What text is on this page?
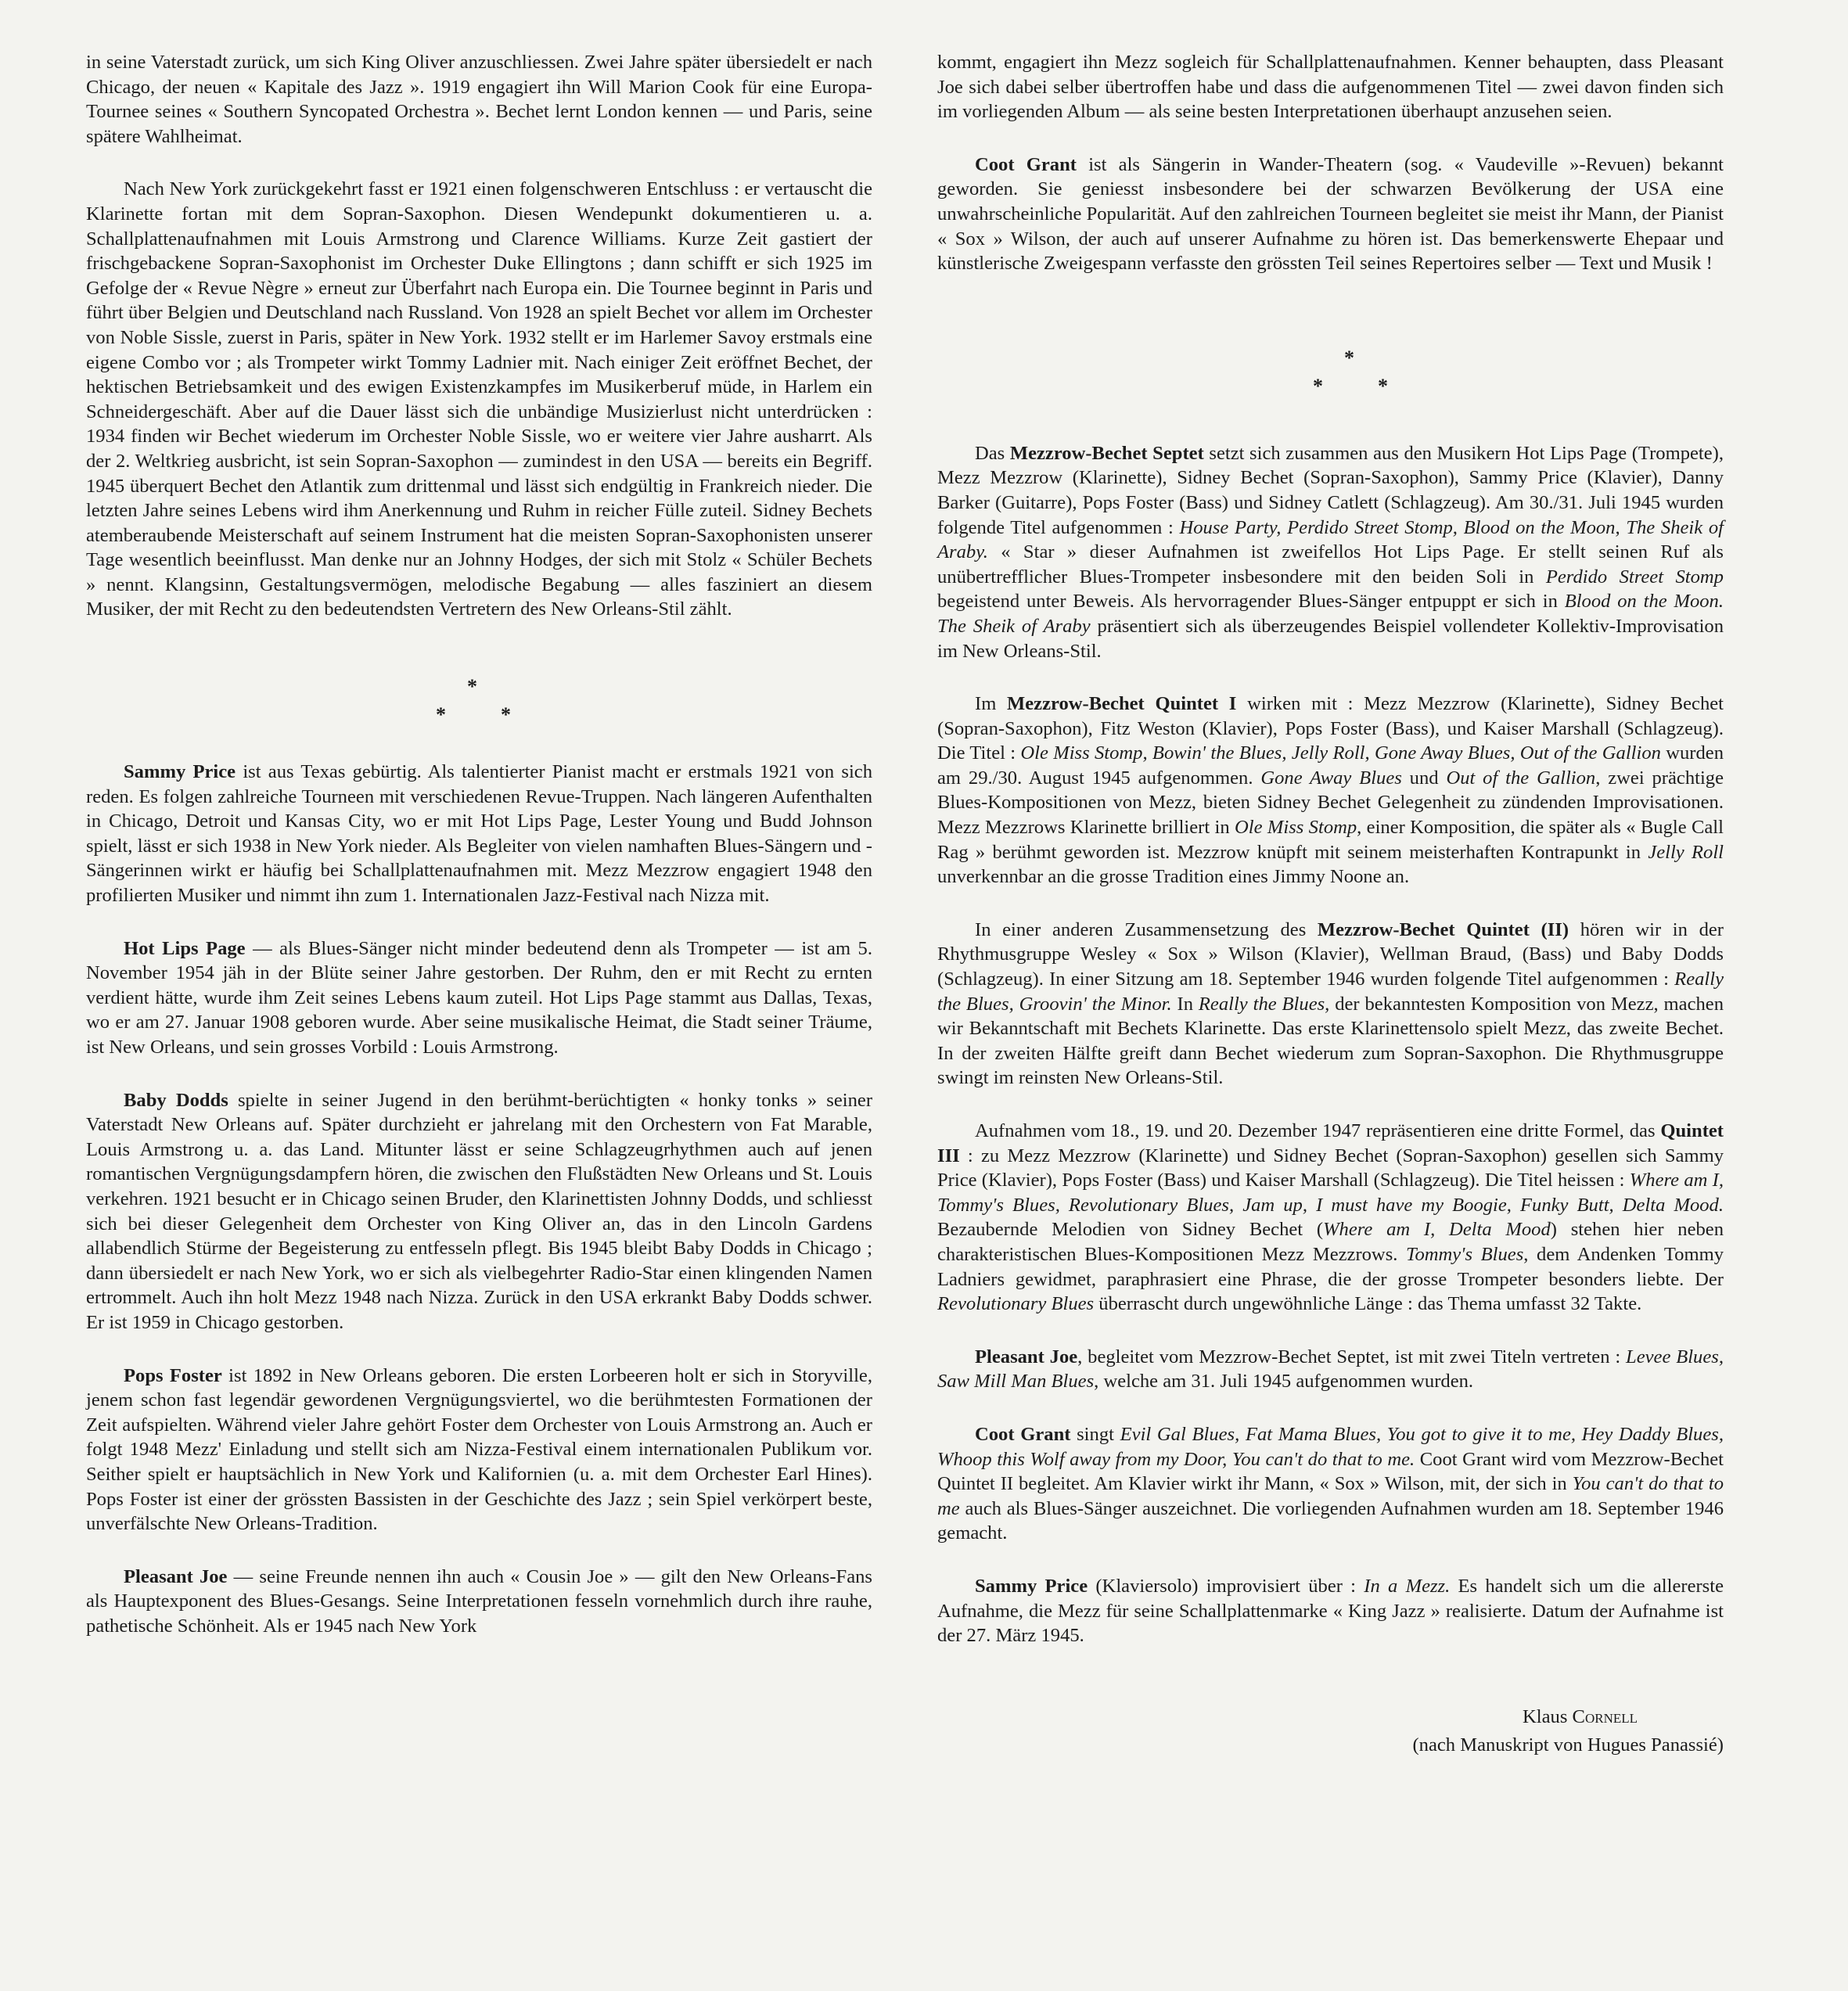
in seine Vaterstadt zurück, um sich King Oliver anzuschliessen. Zwei Jahre später übersiedelt er nach Chicago, der neuen « Kapitale des Jazz ». 1919 engagiert ihn Will Marion Cook für eine Europa-Tournee seines « Southern Syncopated Orchestra ». Bechet lernt London kennen — und Paris, seine spätere Wahlheimat.

Nach New York zurückgekehrt fasst er 1921 einen folgenschweren Entschluss : er vertauscht die Klarinette fortan mit dem Sopran-Saxophon. Diesen Wendepunkt dokumentieren u. a. Schallplattenaufnahmen mit Louis Armstrong und Clarence Williams. Kurze Zeit gastiert der frischgebackene Sopran-Saxophonist im Orchester Duke Ellingtons ; dann schifft er sich 1925 im Gefolge der « Revue Nègre » erneut zur Überfahrt nach Europa ein. Die Tournee beginnt in Paris und führt über Belgien und Deutschland nach Russland. Von 1928 an spielt Bechet vor allem im Orchester von Noble Sissle, zuerst in Paris, später in New York. 1932 stellt er im Harlemer Savoy erstmals eine eigene Combo vor ; als Trompeter wirkt Tommy Ladnier mit. Nach einiger Zeit eröffnet Bechet, der hektischen Betriebsamkeit und des ewigen Existenzkampfes im Musikerberuf müde, in Harlem ein Schneidergeschäft. Aber auf die Dauer lässt sich die unbändige Musizierlust nicht unterdrücken : 1934 finden wir Bechet wiederum im Orchester Noble Sissle, wo er weitere vier Jahre ausharrt. Als der 2. Weltkrieg ausbricht, ist sein Sopran-Saxophon — zumindest in den USA — bereits ein Begriff. 1945 überquert Bechet den Atlantik zum drittenmal und lässt sich endgültig in Frankreich nieder. Die letzten Jahre seines Lebens wird ihm Anerkennung und Ruhm in reicher Fülle zuteil. Sidney Bechets atemberaubende Meisterschaft auf seinem Instrument hat die meisten Sopran-Saxophonisten unserer Tage wesentlich beeinflusst. Man denke nur an Johnny Hodges, der sich mit Stolz « Schüler Bechets » nennt. Klangsinn, Gestaltungsvermögen, melodische Begabung — alles fasziniert an diesem Musiker, der mit Recht zu den bedeutendsten Vertretern des New Orleans-Stil zählt.

*
*	*

Sammy Price ist aus Texas gebürtig. Als talentierter Pianist macht er erstmals 1921 von sich reden. Es folgen zahlreiche Tourneen mit verschiedenen Revue-Truppen. Nach längeren Aufenthalten in Chicago, Detroit und Kansas City, wo er mit Hot Lips Page, Lester Young und Budd Johnson spielt, lässt er sich 1938 in New York nieder. Als Begleiter von vielen namhaften Blues-Sängern und -Sängerinnen wirkt er häufig bei Schallplattenaufnahmen mit. Mezz Mezzrow engagiert 1948 den profilierten Musiker und nimmt ihn zum 1. Internationalen Jazz-Festival nach Nizza mit.

Hot Lips Page — als Blues-Sänger nicht minder bedeutend denn als Trompeter — ist am 5. November 1954 jäh in der Blüte seiner Jahre gestorben. Der Ruhm, den er mit Recht zu ernten verdient hätte, wurde ihm Zeit seines Lebens kaum zuteil. Hot Lips Page stammt aus Dallas, Texas, wo er am 27. Januar 1908 geboren wurde. Aber seine musikalische Heimat, die Stadt seiner Träume, ist New Orleans, und sein grosses Vorbild : Louis Armstrong.

Baby Dodds spielte in seiner Jugend in den berühmt-berüchtigten « honky tonks » seiner Vaterstadt New Orleans auf. Später durchzieht er jahrelang mit den Orchestern von Fat Marable, Louis Armstrong u. a. das Land. Mitunter lässt er seine Schlagzeugrhythmen auch auf jenen romantischen Vergnügungsdampfern hören, die zwischen den Flußstädten New Orleans und St. Louis verkehren. 1921 besucht er in Chicago seinen Bruder, den Klarinettisten Johnny Dodds, und schliesst sich bei dieser Gelegenheit dem Orchester von King Oliver an, das in den Lincoln Gardens allabendlich Stürme der Begeisterung zu entfesseln pflegt. Bis 1945 bleibt Baby Dodds in Chicago ; dann übersiedelt er nach New York, wo er sich als vielbegehrter Radio-Star einen klingenden Namen ertrommelt. Auch ihn holt Mezz 1948 nach Nizza. Zurück in den USA erkrankt Baby Dodds schwer. Er ist 1959 in Chicago gestorben.

Pops Foster ist 1892 in New Orleans geboren. Die ersten Lorbeeren holt er sich in Storyville, jenem schon fast legendär gewordenen Vergnügungsviertel, wo die berühmtesten Formationen der Zeit aufspielten. Während vieler Jahre gehört Foster dem Orchester von Louis Armstrong an. Auch er folgt 1948 Mezz' Einladung und stellt sich am Nizza-Festival einem internationalen Publikum vor. Seither spielt er hauptsächlich in New York und Kalifornien (u. a. mit dem Orchester Earl Hines). Pops Foster ist einer der grössten Bassisten in der Geschichte des Jazz ; sein Spiel verkörpert beste, unverfälschte New Orleans-Tradition.

Pleasant Joe — seine Freunde nennen ihn auch « Cousin Joe » — gilt den New Orleans-Fans als Hauptexponent des Blues-Gesangs. Seine Interpretationen fesseln vornehmlich durch ihre rauhe, pathetische Schönheit. Als er 1945 nach New York

kommt, engagiert ihn Mezz sogleich für Schallplattenaufnahmen. Kenner behaupten, dass Pleasant Joe sich dabei selber übertroffen habe und dass die aufgenommenen Titel — zwei davon finden sich im vorliegenden Album — als seine besten Interpretationen überhaupt anzusehen seien.

Coot Grant ist als Sängerin in Wander-Theatern (sog. « Vaudeville »-Revuen) bekannt geworden. Sie geniesst insbesondere bei der schwarzen Bevölkerung der USA eine unwahrscheinliche Popularität. Auf den zahlreichen Tourneen begleitet sie meist ihr Mann, der Pianist « Sox » Wilson, der auch auf unserer Aufnahme zu hören ist. Das bemerkenswerte Ehepaar und künstlerische Zweigespann verfasste den grössten Teil seines Repertoires selber — Text und Musik !

*
*	*

Das Mezzrow-Bechet Septet setzt sich zusammen aus den Musikern Hot Lips Page (Trompete), Mezz Mezzrow (Klarinette), Sidney Bechet (Sopran-Saxophon), Sammy Price (Klavier), Danny Barker (Guitarre), Pops Foster (Bass) und Sidney Catlett (Schlagzeug). Am 30./31. Juli 1945 wurden folgende Titel aufgenommen : House Party, Perdido Street Stomp, Blood on the Moon, The Sheik of Araby. « Star » dieser Aufnahmen ist zweifellos Hot Lips Page. Er stellt seinen Ruf als unübertrefflicher Blues-Trompeter insbesondere mit den beiden Soli in Perdido Street Stomp begeistend unter Beweis. Als hervorragender Blues-Sänger entpuppt er sich in Blood on the Moon. The Sheik of Araby präsentiert sich als überzeugendes Beispiel vollendeter Kollektiv-Improvisation im New Orleans-Stil.

Im Mezzrow-Bechet Quintet I wirken mit : Mezz Mezzrow (Klarinette), Sidney Bechet (Sopran-Saxophon), Fitz Weston (Klavier), Pops Foster (Bass), und Kaiser Marshall (Schlagzeug). Die Titel : Ole Miss Stomp, Bowin' the Blues, Jelly Roll, Gone Away Blues, Out of the Gallion wurden am 29./30. August 1945 aufgenommen. Gone Away Blues und Out of the Gallion, zwei prächtige Blues-Kompositionen von Mezz, bieten Sidney Bechet Gelegenheit zu zündenden Improvisationen. Mezz Mezzrows Klarinette brilliert in Ole Miss Stomp, einer Komposition, die später als « Bugle Call Rag » berühmt geworden ist. Mezzrow knüpft mit seinem meisterhaften Kontrapunkt in Jelly Roll unverkennbar an die grosse Tradition eines Jimmy Noone an.

In einer anderen Zusammensetzung des Mezzrow-Bechet Quintet (II) hören wir in der Rhythmusgruppe Wesley « Sox » Wilson (Klavier), Wellman Braud, (Bass) und Baby Dodds (Schlagzeug). In einer Sitzung am 18. September 1946 wurden folgende Titel aufgenommen : Really the Blues, Groovin' the Minor. In Really the Blues, der bekanntesten Komposition von Mezz, machen wir Bekanntschaft mit Bechets Klarinette. Das erste Klarinettensolo spielt Mezz, das zweite Bechet. In der zweiten Hälfte greift dann Bechet wiederum zum Sopran-Saxophon. Die Rhythmusgruppe swingt im reinsten New Orleans-Stil.

Aufnahmen vom 18., 19. und 20. Dezember 1947 repräsentieren eine dritte Formel, das Quintet III : zu Mezz Mezzrow (Klarinette) und Sidney Bechet (Sopran-Saxophon) gesellen sich Sammy Price (Klavier), Pops Foster (Bass) und Kaiser Marshall (Schlagzeug). Die Titel heissen : Where am I, Tommy's Blues, Revolutionary Blues, Jam up, I must have my Boogie, Funky Butt, Delta Mood. Bezaubernde Melodien von Sidney Bechet (Where am I, Delta Mood) stehen hier neben charakteristischen Blues-Kompositionen Mezz Mezzrows. Tommy's Blues, dem Andenken Tommy Ladniers gewidmet, paraphrasiert eine Phrase, die der grosse Trompeter besonders liebte. Der Revolutionary Blues überrascht durch ungewöhnliche Länge : das Thema umfasst 32 Takte.

Pleasant Joe, begleitet vom Mezzrow-Bechet Septet, ist mit zwei Titeln vertreten : Levee Blues, Saw Mill Man Blues, welche am 31. Juli 1945 aufgenommen wurden.

Coot Grant singt Evil Gal Blues, Fat Mama Blues, You got to give it to me, Hey Daddy Blues, Whoop this Wolf away from my Door, You can't do that to me. Coot Grant wird vom Mezzrow-Bechet Quintet II begleitet. Am Klavier wirkt ihr Mann, « Sox » Wilson, mit, der sich in You can't do that to me auch als Blues-Sänger auszeichnet. Die vorliegenden Aufnahmen wurden am 18. September 1946 gemacht.

Sammy Price (Klaviersolo) improvisiert über : In a Mezz. Es handelt sich um die allererste Aufnahme, die Mezz für seine Schallplattenmarke « King Jazz » realisierte. Datum der Aufnahme ist der 27. März 1945.

Klaus Cornell
(nach Manuskript von Hugues Panassié)
